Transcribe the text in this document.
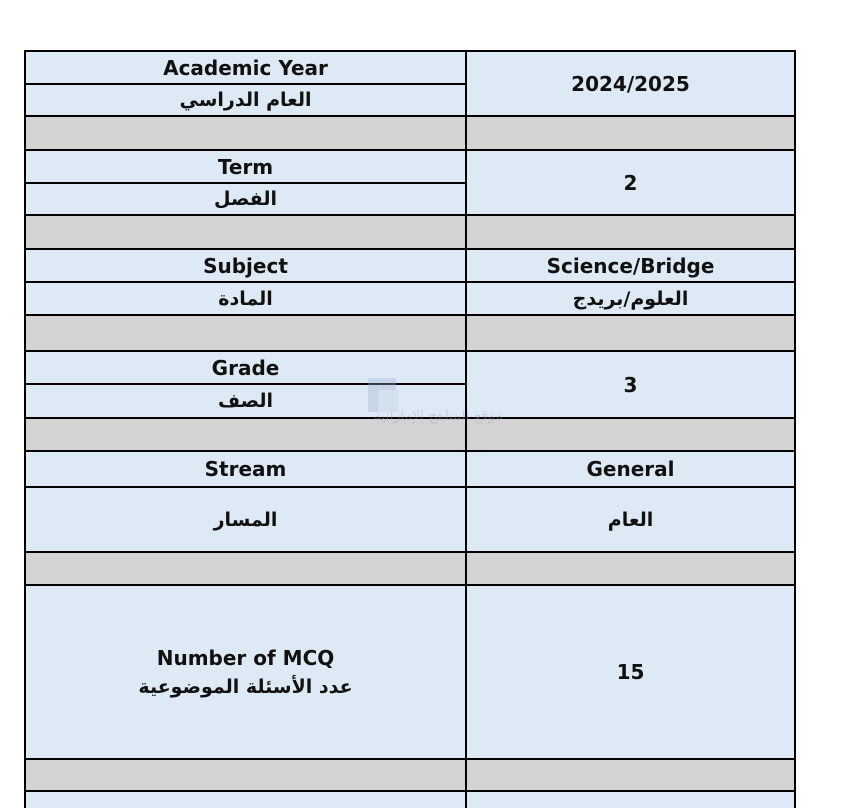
Academic Year
العام الدراسي
2024/2025
Term
الفصل
2
Subject
المادة
Science/Bridge
العلوم/بريدج
Grade
الصف
3
Stream
المسار
General
العام
Number of MCQ
عدد الأسئلة الموضوعية
15
موقع المناهج الإماراتية
